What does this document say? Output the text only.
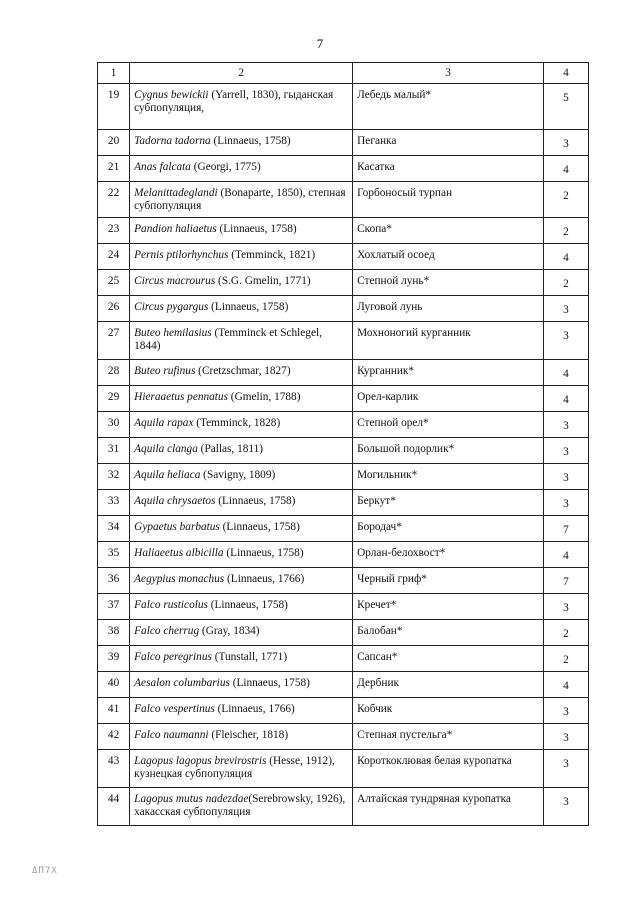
7
1	2	3	4
19	Cygnus bewickii (Yarrell, 1830), гыданская субпопуляция,	Лебедь малый*	5
20	Tadorna tadorna (Linnaeus, 1758)	Пеганка	3
21	Anas falcata (Georgi, 1775)	Касатка	4
22	Melanittadeglandi (Bonaparte, 1850), степная субпопуляция	Горбоносый турпан	2
23	Pandion haliaetus (Linnaeus, 1758)	Скопа*	2
24	Pernis ptilorhynchus (Temminck, 1821)	Хохлатый осоед	4
25	Circus macrourus (S.G. Gmelin, 1771)	Степной лунь*	2
26	Circus pygargus (Linnaeus, 1758)	Луговой лунь	3
27	Buteo hemilasius (Temminck et Schlegel, 1844)	Мохноногий курганник	3
28	Buteo rufinus (Cretzschmar, 1827)	Курганник*	4
29	Hieraaetus pennatus (Gmelin, 1788)	Орел-карлик	4
30	Aquila rapax (Temminck, 1828)	Степной орел*	3
31	Aquila clanga (Pallas, 1811)	Большой подорлик*	3
32	Aquila heliaca (Savigny, 1809)	Могильник*	3
33	Aquila chrysaetos (Linnaeus, 1758)	Беркут*	3
34	Gypaetus barbatus (Linnaeus, 1758)	Бородач*	7
35	Haliaeetus albicilla (Linnaeus, 1758)	Орлан-белохвост*	4
36	Aegypius monachus (Linnaeus, 1766)	Черный гриф*	7
37	Falco rusticolus (Linnaeus, 1758)	Кречет*	3
38	Falco cherrug (Gray, 1834)	Балобан*	2
39	Falco peregrinus (Tunstall, 1771)	Сапсан*	2
40	Aesalon columbarius (Linnaeus, 1758)	Дербник	4
41	Falco vespertinus (Linnaeus, 1766)	Кобчик	3
42	Falco naumanni (Fleischer, 1818)	Степная пустельга*	3
43	Lagopus lagopus brevirostris (Hesse, 1912), кузнецкая субпопуляция	Короткоклювая белая куропатка	3
44	Lagopus mutus nadezdae(Serebrowsky, 1926), хакасская субпопуляция	Алтайская тундряная куропатка	3
ΔΠ7Χ
